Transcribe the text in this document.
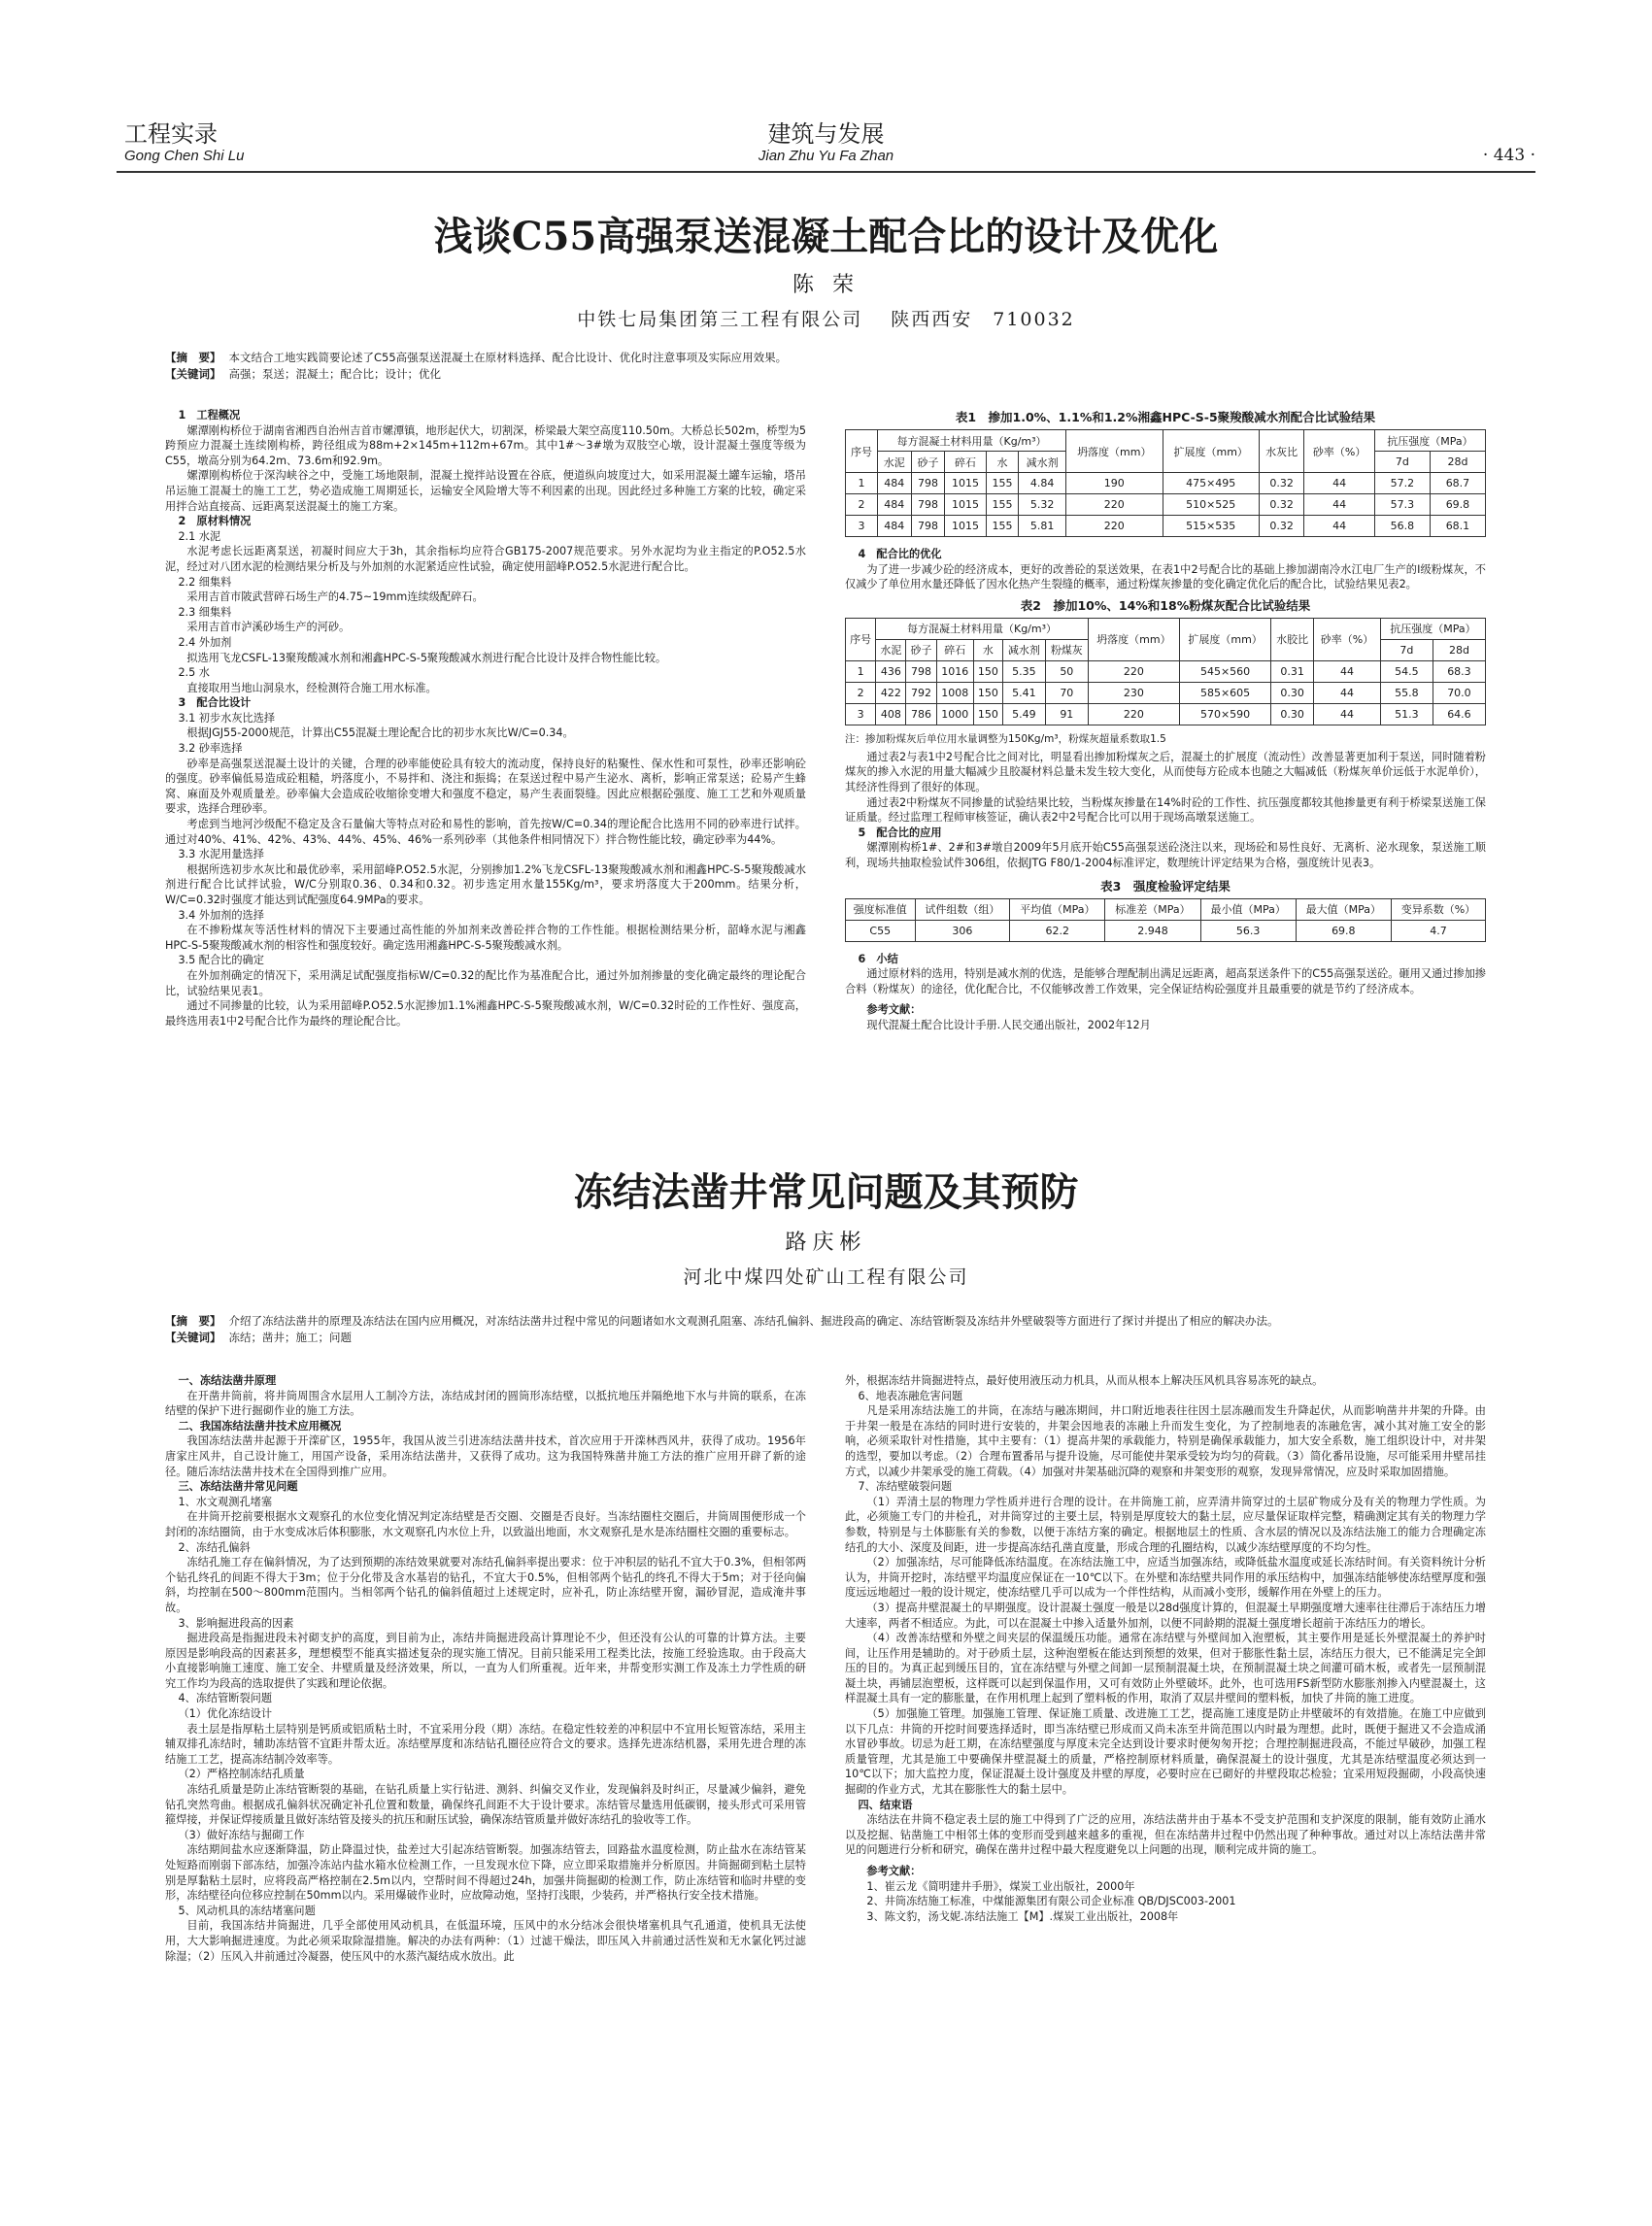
工程实录
Gong Chen Shi Lu
建筑与发展
Jian Zhu Yu Fa Zhan	· 443 ·
浅谈C55高强泵送混凝土配合比的设计及优化
陈 荣
中铁七局集团第三工程有限公司　 陕西西安　710032
【摘　要】 本文结合工地实践简要论述了C55高强泵送混凝土在原材料选择、配合比设计、优化时注意事项及实际应用效果。
【关键词】 高强；泵送；混凝土；配合比；设计；优化

1　工程概况

嫘潭刚构桥位于湖南省湘西自治州吉首市嫘潭镇，地形起伏大，切割深，桥梁最大架空高度110.50m。大桥总长502m，桥型为5跨预应力混凝土连续刚构桥，跨径组成为88m+2×145m+112m+67m。其中1#～3#墩为双肢空心墩，设计混凝土强度等级为C55，墩高分别为64.2m、73.6m和92.9m。

嫘潭刚构桥位于深沟峡谷之中，受施工场地限制，混凝土搅拌站设置在谷底，便道纵向坡度过大，如采用混凝土罐车运输，塔吊吊运施工混凝土的施工工艺，势必造成施工周期延长，运输安全风险增大等不利因素的出现。因此经过多种施工方案的比较，确定采用拌合站直接高、远距离泵送混凝土的施工方案。

2　原材料情况

2.1 水泥

水泥考虑长远距离泵送，初凝时间应大于3h，其余指标均应符合GB175-2007规范要求。另外水泥均为业主指定的P.O52.5水泥，经过对八团水泥的检测结果分析及与外加剂的水泥紧适应性试验，确定使用韶峰P.O52.5水泥进行配合比。

2.2 细集料

采用吉首市陂武营碎石场生产的4.75~19mm连续级配碎石。

2.3 细集料

采用吉首市泸溪砂场生产的河砂。

2.4 外加剂

拟选用飞龙CSFL-13聚羧酸减水剂和湘鑫HPC-S-5聚羧酸减水剂进行配合比设计及拌合物性能比较。

2.5 水

直接取用当地山洞泉水，经检测符合施工用水标准。

3　配合比设计

3.1 初步水灰比选择

根据JGJ55-2000规范，计算出C55混凝土理论配合比的初步水灰比W/C=0.34。

3.2 砂率选择

砂率是高强泵送混凝土设计的关键，合理的砂率能使砼具有较大的流动度，保持良好的粘聚性、保水性和可泵性，砂率还影响砼的强度。砂率偏低易造成砼粗糙，坍落度小，不易拌和、浇注和振捣；在泵送过程中易产生泌水、离析，影响正常泵送；砼易产生蜂窝、麻面及外观质量差。砂率偏大会造成砼收缩徐变增大和强度不稳定，易产生表面裂缝。因此应根据砼强度、施工工艺和外观质量要求，选择合理砂率。

考虑到当地河沙级配不稳定及含石量偏大等特点对砼和易性的影响，首先按W/C=0.34的理论配合比选用不同的砂率进行试拌。通过对40%、41%、42%、43%、44%、45%、46%一系列砂率（其他条件相同情况下）拌合物性能比较，确定砂率为44%。

3.3 水泥用量选择

根据所选初步水灰比和最优砂率，采用韶峰P.O52.5水泥，分别掺加1.2%飞龙CSFL-13聚羧酸减水剂和湘鑫HPC-S-5聚羧酸减水剂进行配合比试拌试验，W/C分别取0.36、0.34和0.32。初步选定用水量155Kg/m³，要求坍落度大于200mm。结果分析，W/C=0.32时强度才能达到试配强度64.9MPa的要求。

3.4 外加剂的选择

在不掺粉煤灰等活性材料的情况下主要通过高性能的外加剂来改善砼拌合物的工作性能。根据检测结果分析，韶峰水泥与湘鑫HPC-S-5聚羧酸减水剂的相容性和强度较好。确定选用湘鑫HPC-S-5聚羧酸减水剂。

3.5 配合比的确定

在外加剂确定的情况下，采用满足试配强度指标W/C=0.32的配比作为基准配合比，通过外加剂掺量的变化确定最终的理论配合比，试验结果见表1。

通过不同掺量的比较，认为采用韶峰P.O52.5水泥掺加1.1%湘鑫HPC-S-5聚羧酸减水剂，W/C=0.32时砼的工作性好、强度高，最终选用表1中2号配合比作为最终的理论配合比。

表1　掺加1.0%、1.1%和1.2%湘鑫HPC-S-5聚羧酸减水剂配合比试验结果
序号	每方混凝土材料用量（Kg/m³）					坍落度（mm）	扩展度（mm）	水灰比	砂率（%）	抗压强度（MPa）	
	水泥	砂子	碎石	水	减水剂					7d	28d
1	484	798	1015	155	4.84	190	475×495	0.32	44	57.2	68.7
2	484	798	1015	155	5.32	220	510×525	0.32	44	57.3	69.8
3	484	798	1015	155	5.81	220	515×535	0.32	44	56.8	68.1

4　配合比的优化

为了进一步减少砼的经济成本，更好的改善砼的泵送效果，在表1中2号配合比的基础上掺加湖南冷水江电厂生产的Ⅰ级粉煤灰，不仅减少了单位用水量还降低了因水化热产生裂缝的概率，通过粉煤灰掺量的变化确定优化后的配合比，试验结果见表2。

表2　掺加10%、14%和18%粉煤灰配合比试验结果
序号	每方混凝土材料用量（Kg/m³）						坍落度（mm）	扩展度（mm）	水胶比	砂率（%）	抗压强度（MPa）	
	水泥	砂子	碎石	水	减水剂	粉煤灰					7d	28d
1	436	798	1016	150	5.35	50	220	545×560	0.31	44	54.5	68.3
2	422	792	1008	150	5.41	70	230	585×605	0.30	44	55.8	70.0
3	408	786	1000	150	5.49	91	220	570×590	0.30	44	51.3	64.6
注：掺加粉煤灰后单位用水量调整为150Kg/m³，粉煤灰超量系数取1.5

通过表2与表1中2号配合比之间对比，明显看出掺加粉煤灰之后，混凝土的扩展度（流动性）改善显著更加利于泵送，同时随着粉煤灰的掺入水泥的用量大幅减少且胶凝材料总量未发生较大变化，从而使每方砼成本也随之大幅减低（粉煤灰单价远低于水泥单价），其经济性得到了很好的体现。

通过表2中粉煤灰不同掺量的试验结果比较，当粉煤灰掺量在14%时砼的工作性、抗压强度都较其他掺量更有利于桥梁泵送施工保证质量。经过监理工程师审核签证，确认表2中2号配合比可以用于现场高墩泵送施工。

5　配合比的应用

嫘潭刚构桥1#、2#和3#墩自2009年5月底开始C55高强泵送砼浇注以来，现场砼和易性良好、无离析、泌水现象，泵送施工顺利，现场共抽取检验试件306组，依据JTG F80/1-2004标准评定，数理统计评定结果为合格，强度统计见表3。

表3　强度检验评定结果
强度标准值	试件组数（组）	平均值（MPa）	标准差（MPa）	最小值（MPa）	最大值（MPa）	变异系数（%）
C55	306	62.2	2.948	56.3	69.8	4.7

6　小结

通过原材料的选用，特别是减水剂的优选，是能够合理配制出满足远距离，超高泵送条件下的C55高强泵送砼。砸用又通过掺加掺合料（粉煤灰）的途径，优化配合比，不仅能够改善工作效果，完全保证结构砼强度并且最重要的就是节约了经济成本。

参考文献：

现代混凝土配合比设计手册.人民交通出版社，2002年12月

冻结法凿井常见问题及其预防
路庆彬
河北中煤四处矿山工程有限公司
【摘　要】 介绍了冻结法凿井的原理及冻结法在国内应用概况，对冻结法凿井过程中常见的问题诸如水文观测孔阻塞、冻结孔偏斜、掘进段高的确定、冻结管断裂及冻结井外壁破裂等方面进行了探讨并提出了相应的解决办法。
【关键词】 冻结；凿井；施工；问题

一、冻结法凿井原理

在开凿井筒前，将井筒周围含水层用人工制冷方法，冻结成封闭的圆筒形冻结壁，以抵抗地压并隔绝地下水与井筒的联系，在冻结壁的保护下进行掘砌作业的施工方法。

二、我国冻结法凿井技术应用概况

我国冻结法凿井起源于开滦矿区，1955年，我国从波兰引进冻结法凿井技术，首次应用于开滦林西风井，获得了成功。1956年唐家庄风井，自己设计施工，用国产设备，采用冻结法凿井，又获得了成功。这为我国特殊凿井施工方法的推广应用开辟了新的途径。随后冻结法凿井技术在全国得到推广应用。

三、冻结法凿井常见问题

1、水文观测孔堵塞

在井筒开挖前要根据水文观察孔的水位变化情况判定冻结壁是否交圈、交圈是否良好。当冻结圈柱交圈后，井筒周围便形成一个封闭的冻结圈筒，由于水变成冰后体积膨胀，水文观察孔内水位上升，以致溢出地面，水文观察孔是水是冻结圈柱交圈的重要标志。

2、冻结孔偏斜

冻结孔施工存在偏斜情况，为了达到预期的冻结效果就要对冻结孔偏斜率提出要求：位于冲积层的钻孔不宜大于0.3%，但相邻两个钻孔终孔的间距不得大于3m；位于分化带及含水基岩的钻孔，不宜大于0.5%，但相邻两个钻孔的终孔不得大于5m；对于径向偏斜，均控制在500～800mm范围内。当相邻两个钻孔的偏斜值超过上述规定时，应补孔，防止冻结壁开窗，漏砂冒泥，造成淹井事故。

3、影响掘进段高的因素

掘进段高是指掘进段未衬砌支护的高度，到目前为止，冻结井筒掘进段高计算理论不少，但还没有公认的可靠的计算方法。主要原因是影响段高的因素甚多，理想模型不能真实描述复杂的现实施工情况。目前只能采用工程类比法，按施工经验选取。由于段高大小直接影响施工速度、施工安全、井壁质量及经济效果，所以，一直为人们所重视。近年来，井帮变形实测工作及冻土力学性质的研究工作均为段高的选取提供了实践和理论依据。

4、冻结管断裂问题

（1）优化冻结设计

表土层是指厚粘土层特别是钙质或铝质粘土时，不宜采用分段（期）冻结。在稳定性较差的冲积层中不宜用长短管冻结，采用主辅双排孔冻结时，辅助冻结管不宜距井帮太近。冻结壁厚度和冻结钻孔圈径应符合文的要求。选择先进冻结机器，采用先进合理的冻结施工工艺，提高冻结制冷效率等。

（2）严格控制冻结孔质量

冻结孔质量是防止冻结管断裂的基础，在钻孔质量上实行钻进、测斜、纠偏交叉作业，发现偏斜及时纠正，尽量减少偏斜，避免钻孔突然弯曲。根据成孔偏斜状况确定补孔位置和数量，确保终孔间距不大于设计要求。冻结管尽量选用低碳钢，接头形式可采用管箍焊接，并保证焊接质量且做好冻结管及接头的抗压和耐压试验，确保冻结管质量并做好冻结孔的验收等工作。

（3）做好冻结与掘砌工作

冻结期间盐水应逐渐降温，防止降温过快，盐差过大引起冻结管断裂。加强冻结管去，回路盐水温度检测，防止盐水在冻结管某处短路而刚弱下部冻结，加强冷冻站内盐水箱水位检测工作，一旦发现水位下降，应立即采取措施并分析原因。井筒掘砌到粘土层特别是厚黏粘土层时，应将段高严格控制在2.5m以内，空帮时间不得超过24h，加强井筒掘砌的检测工作，防止冻结管和临时井壁的变形，冻结壁径向位移应控制在50mm以内。采用爆破作业时，应故障动炮，坚持打浅眼，少装药，并严格执行安全技术措施。

5、风动机具的冻结堵塞问题

目前，我国冻结井筒掘进，几乎全部使用风动机具，在低温环境，压风中的水分结冰会很快堵塞机具气孔通道，使机具无法使用，大大影响掘进速度。为此必须采取除湿措施。解决的办法有两种：（1）过滤干燥法，即压风入井前通过活性炭和无水氯化钙过滤除湿；（2）压风入井前通过冷凝器，使压风中的水蒸汽凝结成水放出。此

外，根据冻结井筒掘进特点，最好使用液压动力机具，从而从根本上解决压风机具容易冻死的缺点。

6、地表冻融危害问题

凡是采用冻结法施工的井筒，在冻结与融冻期间，井口附近地表往往因土层冻融而发生升降起伏，从而影响凿井井架的升降。由于井架一般是在冻结的同时进行安装的，井架会因地表的冻融上升而发生变化，为了控制地表的冻融危害，减小其对施工安全的影响，必须采取针对性措施，其中主要有：（1）提高井架的承载能力，特别是确保承载能力，加大安全系数，施工组织设计中，对井架的选型，要加以考虑。（2）合理布置番吊与提升设施，尽可能使井架承受较为均匀的荷载。（3）简化番吊设施，尽可能采用井壁吊挂方式，以减少井架承受的施工荷载。（4）加强对井架基础沉降的观察和井架变形的观察，发现异常情况，应及时采取加固措施。

7、冻结壁破裂问题

（1）弄清土层的物理力学性质并进行合理的设计。在井筒施工前，应弄清井筒穿过的土层矿物成分及有关的物理力学性质。为此，必须施工专门的井检孔，对井筒穿过的主要土层，特别是厚度较大的黏土层，应尽量保证取样完整，精确测定其有关的物理力学参数，特别是与土体膨胀有关的参数，以便于冻结方案的确定。根据地层土的性质、含水层的情况以及冻结法施工的能力合理确定冻结孔的大小、深度及间距，进一步提高冻结孔凿直度量，形成合理的孔圈结构，以减少冻结壁厚度的不均匀性。

（2）加强冻结，尽可能降低冻结温度。在冻结法施工中，应适当加强冻结，或降低盐水温度或延长冻结时间。有关资料统计分析认为，井筒开挖时，冻结壁平均温度应保证在一10℃以下。在外壁和冻结壁共同作用的承压结构中，加强冻结能够使冻结壁厚度和强度远远地超过一般的设计规定，使冻结壁几乎可以成为一个伴性结构，从而减小变形，缓解作用在外壁上的压力。

（3）提高井壁混凝土的早期强度。设计混凝土强度一般是以28d强度计算的，但混凝土早期强度增大速率往往滞后于冻结压力增大速率，两者不相适应。为此，可以在混凝土中掺入适量外加剂，以便不同龄期的混凝土强度增长超前于冻结压力的增长。

（4）改善冻结壁和外壁之间夹层的保温缓压功能。通常在冻结壁与外壁间加入泡塑板，其主要作用是延长外壁混凝土的养护时间，让压作用是辅助的。对于砂质土层，这种泡塑板在能达到预想的效果，但对于膨胀性黏土层，冻结压力很大，已不能满足完全卸压的目的。为真正起到缓压目的，宜在冻结壁与外壁之间卸一层预制混凝土块，在预制混凝土块之间灌可硝木板，或者先一层预制混凝土块，再铺层泡塑板，这样既可以起到保温作用，又可有效防止外壁破坏。此外，也可选用FS新型防水膨胀剂掺入内壁混凝土，这样混凝土具有一定的膨胀量，在作用机理上起到了塑料板的作用，取消了双层井壁间的塑料板，加快了井筒的施工进度。

（5）加强施工管理。加强施工管理、保证施工质量、改进施工工艺，提高施工速度是防止井壁破坏的有效措施。在施工中应做到以下几点：井筒的开挖时间要选择适时，即当冻结壁已形成而又尚未冻至井筒范围以内时最为理想。此时，既便于掘进又不会造成涌水冒砂事故。切忌为赶工期，在冻结壁强度与厚度未完全达到设计要求时便匆匆开挖；合理控制掘进段高，不能过早破砂，加强工程质量管理，尤其是施工中要确保井壁混凝土的质量，严格控制原材料质量，确保混凝土的设计强度，尤其是冻结壁温度必须达到一10℃以下；加大监控力度，保证混凝土设计强度及井壁的厚度，必要时应在已砌好的井壁段取芯检验；宜采用短段掘砌，小段高快速掘砌的作业方式，尤其在膨胀性大的黏土层中。

四、结束语

冻结法在井筒不稳定表土层的施工中得到了广泛的应用，冻结法凿井由于基本不受支护范围和支护深度的限制，能有效防止涌水以及挖掘、钻凿施工中相邻土体的变形而受到越来越多的重视，但在冻结凿井过程中仍然出现了种种事故。通过对以上冻结法凿井常见的问题进行分析和研究，确保在凿井过程中最大程度避免以上问题的出现，顺利完成井筒的施工。

参考文献：

1、崔云龙《简明建井手册》，煤炭工业出版社，2000年

2、井筒冻结施工标准，中煤能源集团有限公司企业标准 QB/DJSC003-2001

3、陈文豹，汤戈妮.冻结法施工【M】.煤炭工业出版社，2008年
